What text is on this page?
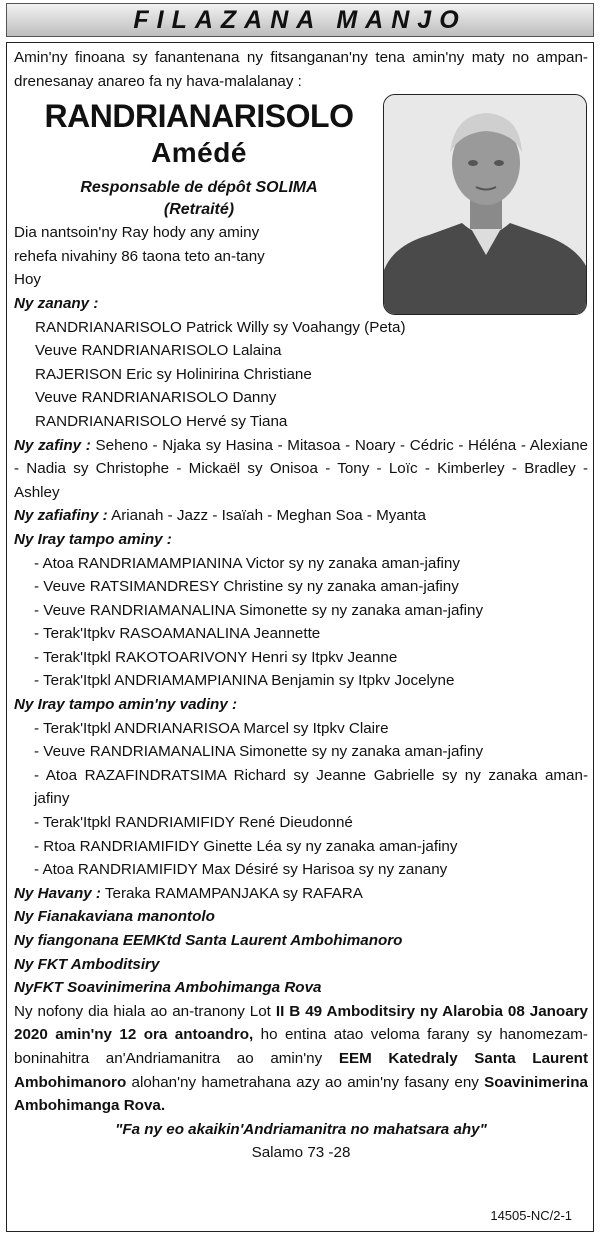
FILAZANA MANJO

Amin'ny finoana sy fanantenana ny fitsanganan'ny tena amin'ny maty no ampan- drenesanay anareo fa ny hava-malalanay :

RANDRIANARISOLO
Amédé
Responsable de dépôt SOLIMA
(Retraité)

Dia nantsoin'ny Ray hody any aminy

rehefa nivahiny 86 taona teto an-tany

Hoy

Ny zanany :

RANDRIANARISOLO Patrick Willy sy Voahangy (Peta)

Veuve RANDRIANARISOLO Lalaina

RAJERISON Eric sy Holinirina Christiane

Veuve RANDRIANARISOLO Danny

RANDRIANARISOLO Hervé sy Tiana

Ny zafiny : Seheno - Njaka sy Hasina - Mitasoa - Noary - Cédric - Héléna - Alexiane - Nadia sy Christophe - Mickaël sy Onisoa - Tony - Loïc - Kimberley - Bradley - Ashley

Ny zafiafiny : Arianah - Jazz - Isaïah - Meghan Soa - Myanta

Ny Iray tampo aminy :

- Atoa RANDRIAMAMPIANINA Victor sy ny zanaka aman-jafiny

- Veuve RATSIMANDRESY Christine sy ny zanaka aman-jafiny

- Veuve RANDRIAMANALINA Simonette sy ny zanaka aman-jafiny

- Terak'Itpkv RASOAMANALINA Jeannette

- Terak'Itpkl RAKOTOARIVONY Henri sy Itpkv Jeanne

- Terak'Itpkl ANDRIAMAMPIANINA Benjamin sy Itpkv Jocelyne

Ny Iray tampo amin'ny vadiny :

- Terak'Itpkl ANDRIANARISOA Marcel sy Itpkv Claire

- Veuve RANDRIAMANALINA Simonette sy ny zanaka aman-jafiny

- Atoa RAZAFINDRATSIMA Richard sy Jeanne Gabrielle sy ny zanaka aman-jafiny

- Terak'Itpkl RANDRIAMIFIDY René Dieudonné

- Rtoa RANDRIAMIFIDY Ginette Léa sy ny zanaka aman-jafiny

- Atoa RANDRIAMIFIDY Max Désiré sy Harisoa sy ny zanany

Ny Havany : Teraka RAMAMPANJAKA sy RAFARA

Ny Fianakaviana manontolo

Ny fiangonana EEMKtd Santa Laurent Ambohimanoro

Ny FKT Amboditsiry

NyFKT Soavinimerina Ambohimanga Rova

Ny nofony dia hiala ao an-tranony Lot II B 49 Amboditsiry ny Alarobia 08 Janoary 2020 amin'ny 12 ora antoandro, ho entina atao veloma farany sy hanomezam-boninahitra an'Andriamanitra ao amin'ny EEM Katedraly Santa Laurent Ambohimanoro alohan'ny hametrahana azy ao amin'ny fasany eny Soavinimerina Ambohimanga Rova.

"Fa ny eo akaikin'Andriamanitra no mahatsara ahy"

Salamo 73 -28

14505-NC/2-1
